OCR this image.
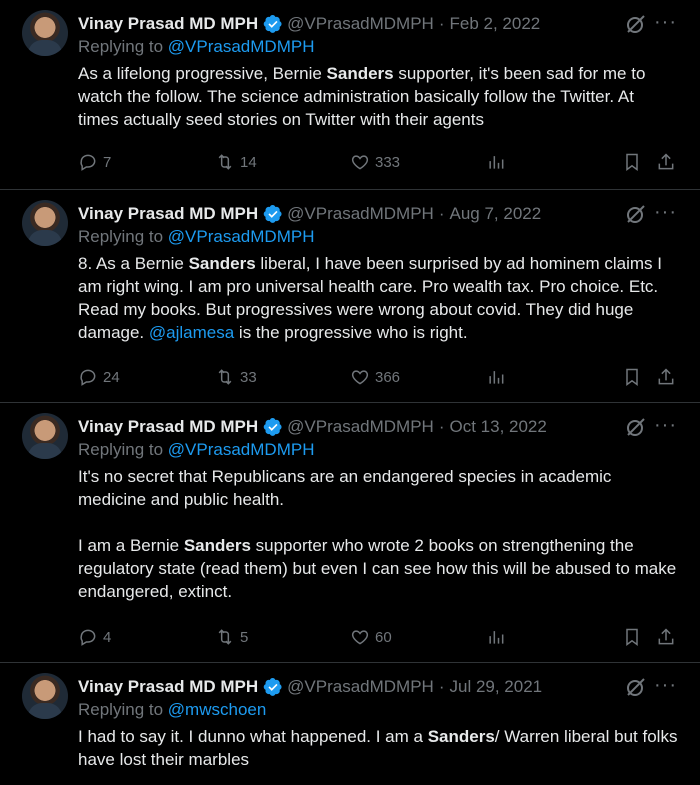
Vinay Prasad MD MPH @VPrasadMDMPH · Feb 2, 2022	···
Replying to @VPrasadMDMPH

As a lifelong progressive, Bernie Sanders supporter, it's been sad for me to watch the follow. The science administration basically follow the Twitter. At times actually seed stories on Twitter with their agents

7	14	333
Vinay Prasad MD MPH @VPrasadMDMPH · Aug 7, 2022	···
Replying to @VPrasadMDMPH

8. As a Bernie Sanders liberal, I have been surprised by ad hominem claims I am right wing. I am pro universal health care. Pro wealth tax. Pro choice. Etc. Read my books. But progressives were wrong about covid. They did huge damage. @ajlamesa is the progressive who is right.

24	33	366
Vinay Prasad MD MPH @VPrasadMDMPH · Oct 13, 2022	···
Replying to @VPrasadMDMPH

It's no secret that Republicans are an endangered species in academic medicine and public health.

I am a Bernie Sanders supporter who wrote 2 books on strengthening the regulatory state (read them) but even I can see how this will be abused to make endangered, extinct.

4	5	60
Vinay Prasad MD MPH @VPrasadMDMPH · Jul 29, 2021	···
Replying to @mwschoen

I had to say it. I dunno what happened. I am a Sanders/ Warren liberal but folks have lost their marbles
